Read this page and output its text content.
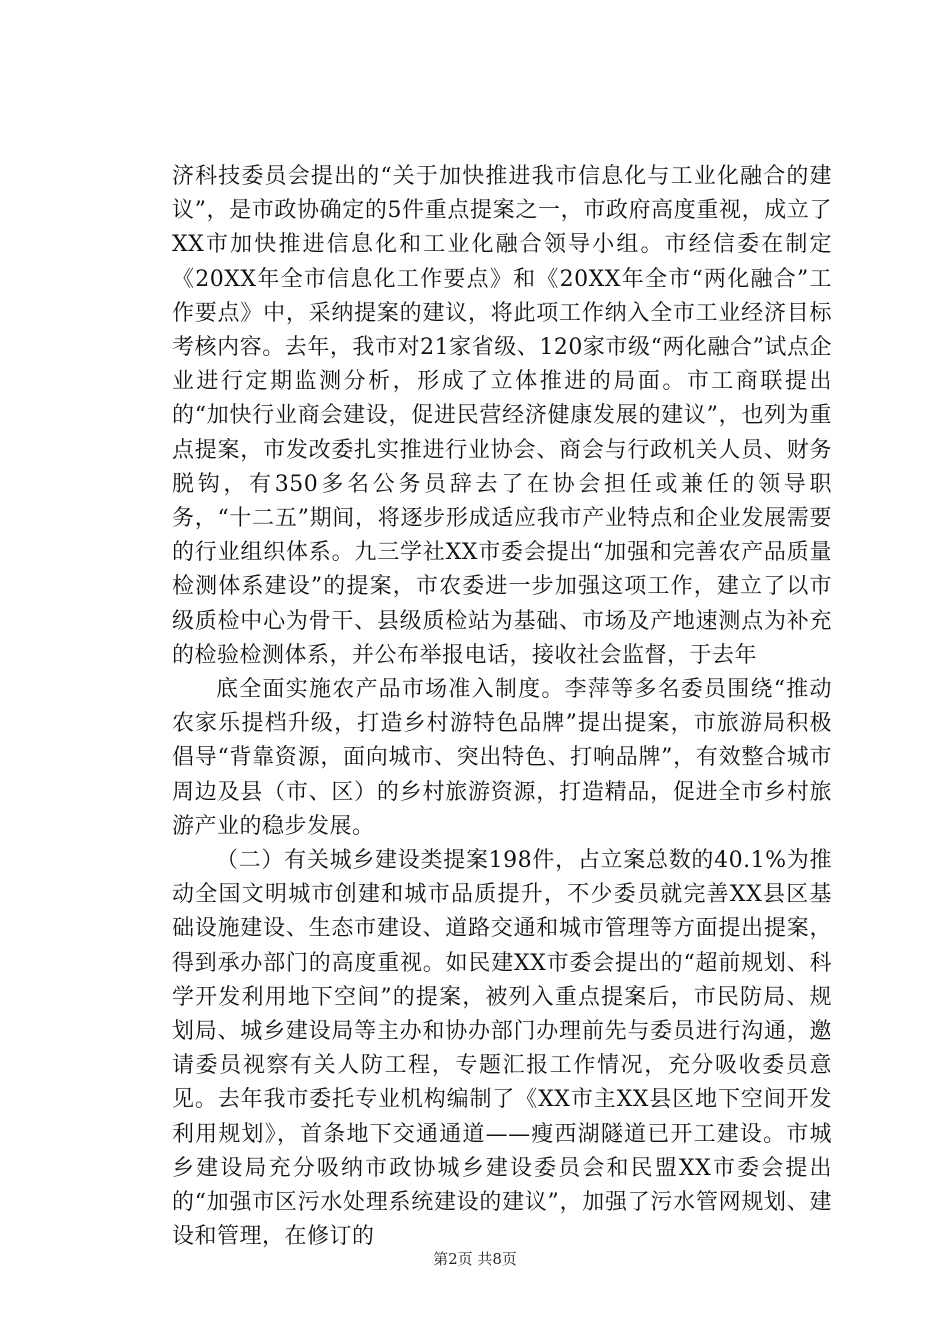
济科技委员会提出的“关于加快推进我市信息化与工业化融合的建议”，是市政协确定的5件重点提案之一，市政府高度重视，成立了XX市加快推进信息化和工业化融合领导小组。市经信委在制定《20XX年全市信息化工作要点》和《20XX年全市“两化融合”工作要点》中，采纳提案的建议，将此项工作纳入全市工业经济目标考核内容。去年，我市对21家省级、120家市级“两化融合”试点企业进行定期监测分析，形成了立体推进的局面。市工商联提出的“加快行业商会建设，促进民营经济健康发展的建议”，也列为重点提案，市发改委扎实推进行业协会、商会与行政机关人员、财务脱钩，有350多名公务员辞去了在协会担任或兼任的领导职务，“十二五”期间，将逐步形成适应我市产业特点和企业发展需要的行业组织体系。九三学社XX市委会提出“加强和完善农产品质量检测体系建设”的提案，市农委进一步加强这项工作，建立了以市级质检中心为骨干、县级质检站为基础、市场及产地速测点为补充的检验检测体系，并公布举报电话，接收社会监督，于去年

底全面实施农产品市场准入制度。李萍等多名委员围绕“推动农家乐提档升级，打造乡村游特色品牌”提出提案，市旅游局积极倡导“背靠资源，面向城市、突出特色、打响品牌”，有效整合城市周边及县（市、区）的乡村旅游资源，打造精品，促进全市乡村旅游产业的稳步发展。

（二）有关城乡建设类提案198件，占立案总数的40.1%为推动全国文明城市创建和城市品质提升，不少委员就完善XX县区基础设施建设、生态市建设、道路交通和城市管理等方面提出提案，得到承办部门的高度重视。如民建XX市委会提出的“超前规划、科学开发利用地下空间”的提案，被列入重点提案后，市民防局、规划局、城乡建设局等主办和协办部门办理前先与委员进行沟通，邀请委员视察有关人防工程，专题汇报工作情况，充分吸收委员意见。去年我市委托专业机构编制了《XX市主XX县区地下空间开发利用规划》，首条地下交通通道——瘦西湖隧道已开工建设。市城乡建设局充分吸纳市政协城乡建设委员会和民盟XX市委会提出的“加强市区污水处理系统建设的建议”，加强了污水管网规划、建设和管理，在修订的

第2页 共8页
